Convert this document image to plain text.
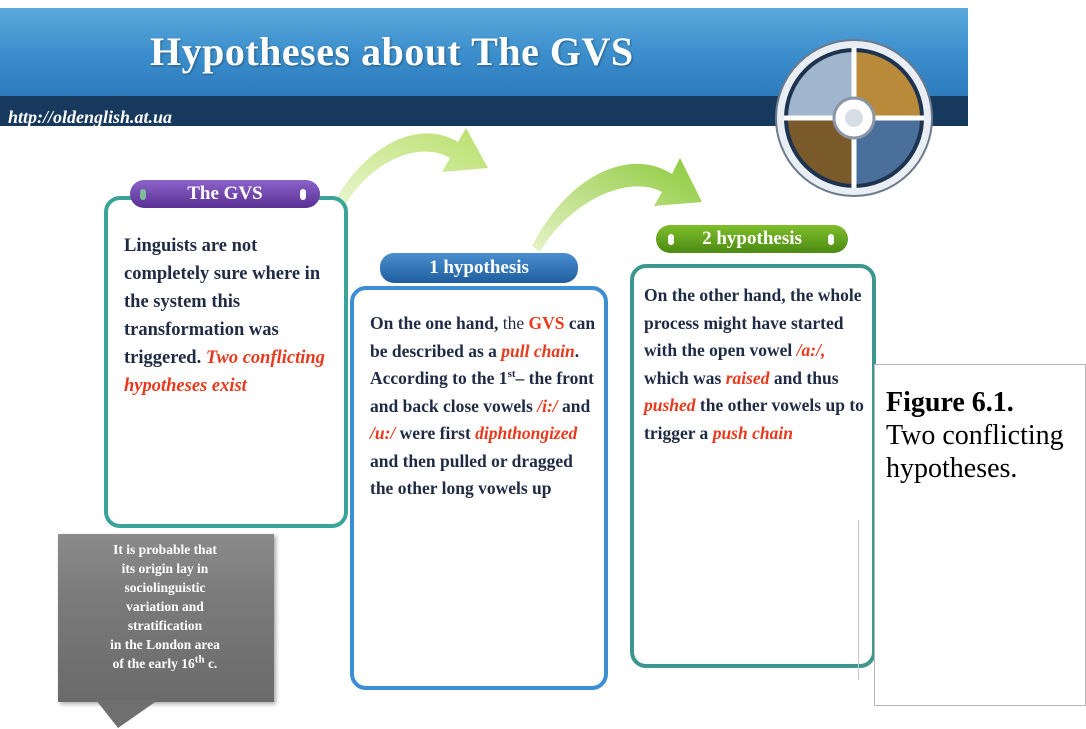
Hypotheses about The GVS
http://oldenglish.at.ua
The GVS
Linguists are not completely sure where in the system this transformation was triggered. Two conflicting hypotheses exist
1 hypothesis
On the one hand, the GVS can be described as a pull chain. According to the 1st– the front and back close vowels /i:/ and /u:/ were first diphthongized and then pulled or dragged the other long vowels up
2 hypothesis
On the other hand, the whole process might have started with the open vowel /a:/, which was raised and thus pushed the other vowels up to trigger a push chain
It is probable that
its origin lay in
sociolinguistic
variation and
stratification
in the London area
of the early 16th c.
Figure 6.1.
Two conflicting hypotheses.
